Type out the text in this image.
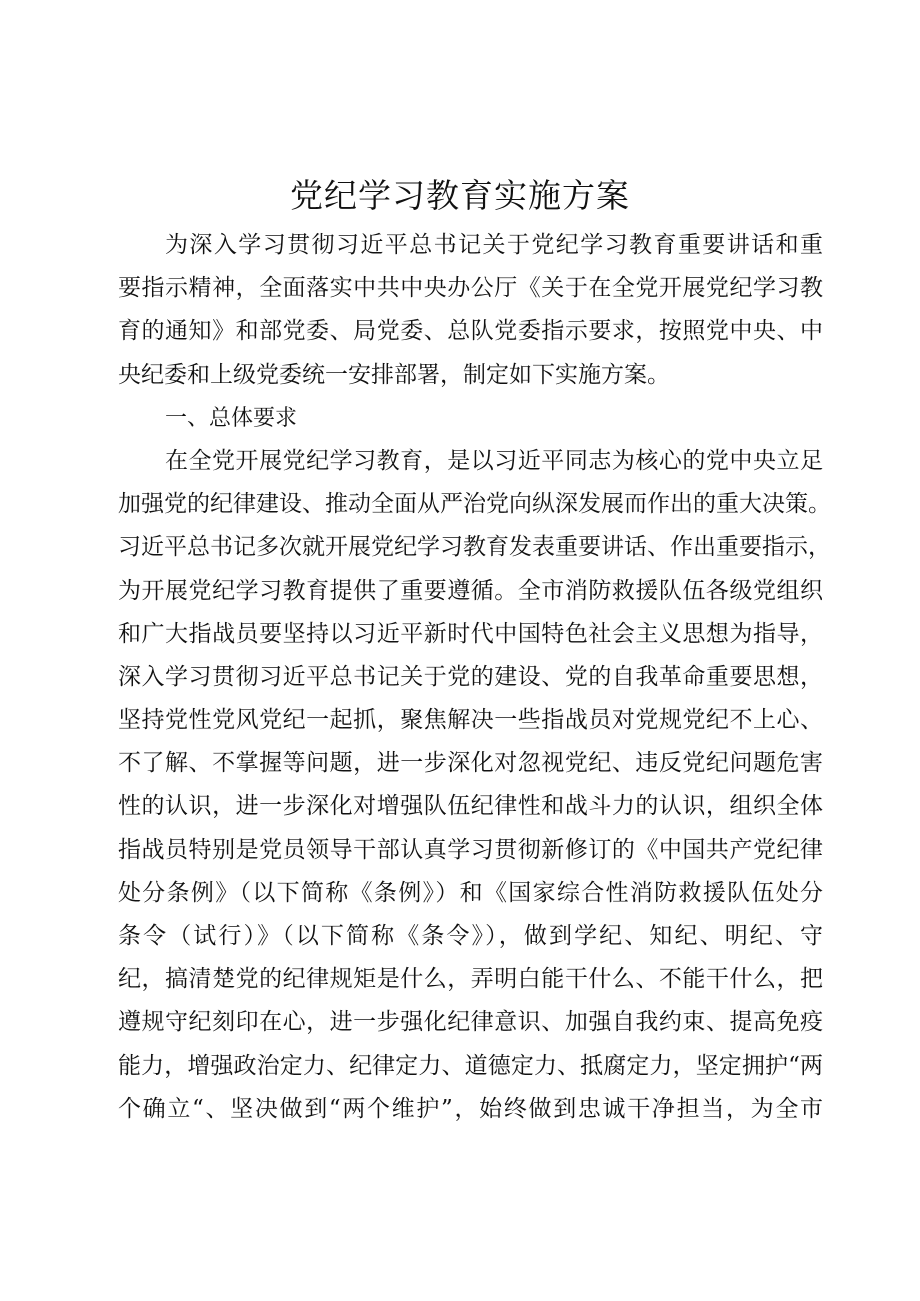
党纪学习教育实施方案
为深入学习贯彻习近平总书记关于党纪学习教育重要讲话和重
要指示精神，全面落实中共中央办公厅《关于在全党开展党纪学习教
育的通知》和部党委、局党委、总队党委指示要求，按照党中央、中
央纪委和上级党委统一安排部署，制定如下实施方案。
一、总体要求
在全党开展党纪学习教育，是以习近平同志为核心的党中央立足
加强党的纪律建设、推动全面从严治党向纵深发展而作出的重大决策。
习近平总书记多次就开展党纪学习教育发表重要讲话、作出重要指示，
为开展党纪学习教育提供了重要遵循。全市消防救援队伍各级党组织
和广大指战员要坚持以习近平新时代中国特色社会主义思想为指导，
深入学习贯彻习近平总书记关于党的建设、党的自我革命重要思想，
坚持党性党风党纪一起抓，聚焦解决一些指战员对党规党纪不上心、
不了解、不掌握等问题，进一步深化对忽视党纪、违反党纪问题危害
性的认识，进一步深化对增强队伍纪律性和战斗力的认识，组织全体
指战员特别是党员领导干部认真学习贯彻新修订的《中国共产党纪律
处分条例》（以下简称《条例》）和《国家综合性消防救援队伍处分
条令（试行）》（以下简称《条令》），做到学纪、知纪、明纪、守
纪，搞清楚党的纪律规矩是什么，弄明白能干什么、不能干什么，把
遵规守纪刻印在心，进一步强化纪律意识、加强自我约束、提高免疫
能力，增强政治定力、纪律定力、道德定力、抵腐定力，坚定拥护“两
个确立“、坚决做到“两个维护”，始终做到忠诚干净担当，为全市
